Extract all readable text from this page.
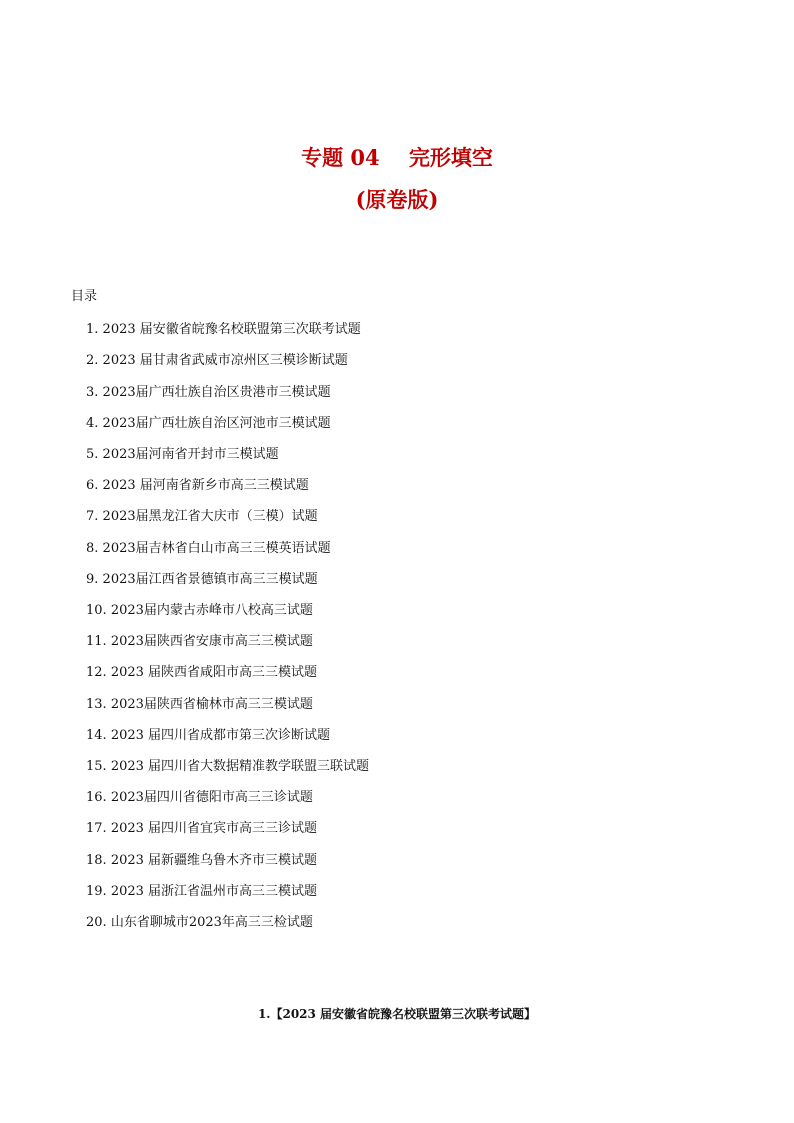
专题 04    完形填空
(原卷版)
目录
1. 2023 届安徽省皖豫名校联盟第三次联考试题
2. 2023 届甘肃省武威市凉州区三模诊断试题
3. 2023届广西壮族自治区贵港市三模试题
4. 2023届广西壮族自治区河池市三模试题
5. 2023届河南省开封市三模试题
6. 2023 届河南省新乡市高三三模试题
7. 2023届黑龙江省大庆市（三模）试题
8. 2023届吉林省白山市高三三模英语试题
9. 2023届江西省景德镇市高三三模试题
10. 2023届内蒙古赤峰市八校高三试题
11. 2023届陕西省安康市高三三模试题
12. 2023 届陕西省咸阳市高三三模试题
13. 2023届陕西省榆林市高三三模试题
14. 2023 届四川省成都市第三次诊断试题
15. 2023 届四川省大数据精准教学联盟三联试题
16. 2023届四川省德阳市高三三诊试题
17. 2023 届四川省宜宾市高三三诊试题
18. 2023 届新疆维乌鲁木齐市三模试题
19. 2023 届浙江省温州市高三三模试题
20. 山东省聊城市2023年高三三检试题
1.【2023 届安徽省皖豫名校联盟第三次联考试题】
